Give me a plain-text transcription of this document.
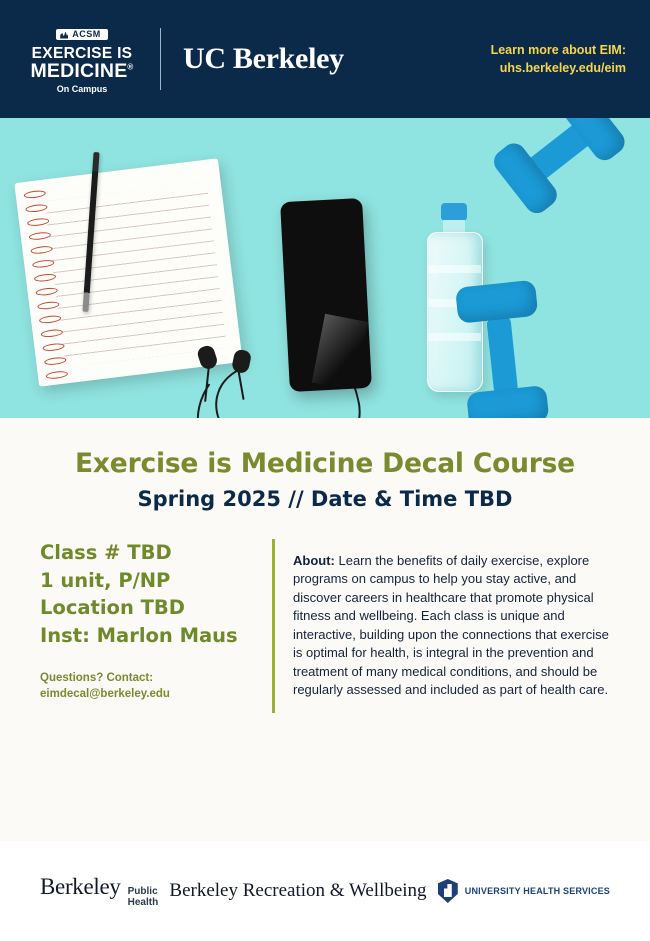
ACSM
EXERCISE IS
MEDICINE®
On Campus
UC Berkeley	Learn more about EIM:
uhs.berkeley.edu/eim
Exercise is Medicine Decal Course
Spring 2025 // Date & Time TBD
Class # TBD
1 unit, P/NP
Location TBD
Inst: Marlon Maus
Questions? Contact:
eimdecal@berkeley.edu

About: Learn the benefits of daily exercise, explore programs on campus to help you stay active, and discover careers in healthcare that promote physical fitness and wellbeing. Each class is unique and interactive, building upon the connections that exercise is optimal for health, is integral in the prevention and treatment of many medical conditions, and should be regularly assessed and included as part of health care.

Berkeley Public
Health
Berkeley Recreation & Wellbeing	UNIVERSITY HEALTH SERVICES
